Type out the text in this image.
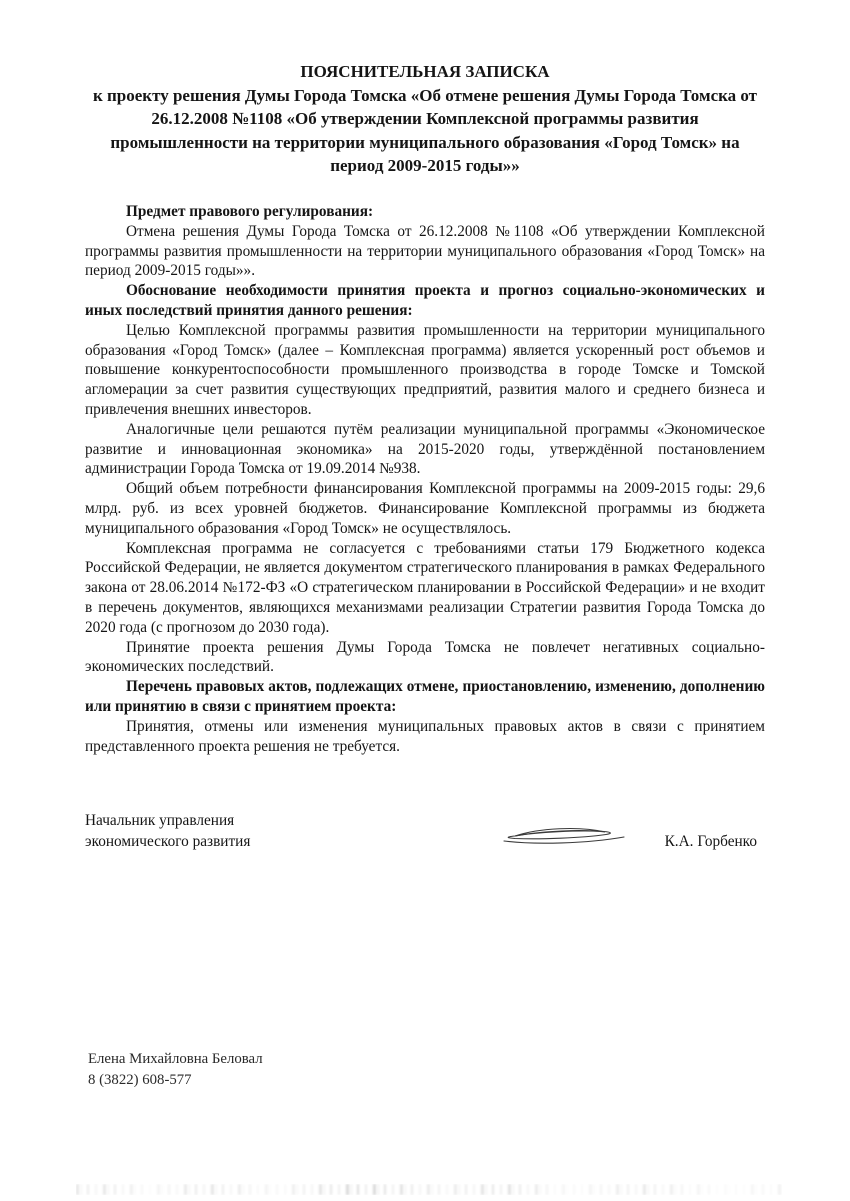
ПОЯСНИТЕЛЬНАЯ ЗАПИСКА
к проекту решения Думы Города Томска «Об отмене решения Думы Города Томска от 26.12.2008 №1108 «Об утверждении Комплексной программы развития промышленности на территории муниципального образования «Город Томск» на период 2009-2015 годы»»

Предмет правового регулирования:

Отмена решения Думы Города Томска от 26.12.2008 №1108 «Об утверждении Комплексной программы развития промышленности на территории муниципального образования «Город Томск» на период 2009-2015 годы»».

Обоснование необходимости принятия проекта и прогноз социально-экономических и иных последствий принятия данного решения:

Целью Комплексной программы развития промышленности на территории муниципального образования «Город Томск» (далее – Комплексная программа) является ускоренный рост объемов и повышение конкурентоспособности промышленного производства в городе Томске и Томской агломерации за счет развития существующих предприятий, развития малого и среднего бизнеса и привлечения внешних инвесторов.

Аналогичные цели решаются путём реализации муниципальной программы «Экономическое развитие и инновационная экономика» на 2015-2020 годы, утверждённой постановлением администрации Города Томска от 19.09.2014 №938.

Общий объем потребности финансирования Комплексной программы на 2009-2015 годы: 29,6 млрд. руб. из всех уровней бюджетов. Финансирование Комплексной программы из бюджета муниципального образования «Город Томск» не осуществлялось.

Комплексная программа не согласуется с требованиями статьи 179 Бюджетного кодекса Российской Федерации, не является документом стратегического планирования в рамках Федерального закона от 28.06.2014 №172-ФЗ «О стратегическом планировании в Российской Федерации» и не входит в перечень документов, являющихся механизмами реализации Стратегии развития Города Томска до 2020 года (с прогнозом до 2030 года).

Принятие проекта решения Думы Города Томска не повлечет негативных социально-экономических последствий.

Перечень правовых актов, подлежащих отмене, приостановлению, изменению, дополнению или принятию в связи с принятием проекта:

Принятия, отмены или изменения муниципальных правовых актов в связи с принятием представленного проекта решения не требуется.

Начальник управления
экономического развития	К.А. Горбенко
Елена Михайловна Беловал
8 (3822) 608-577
